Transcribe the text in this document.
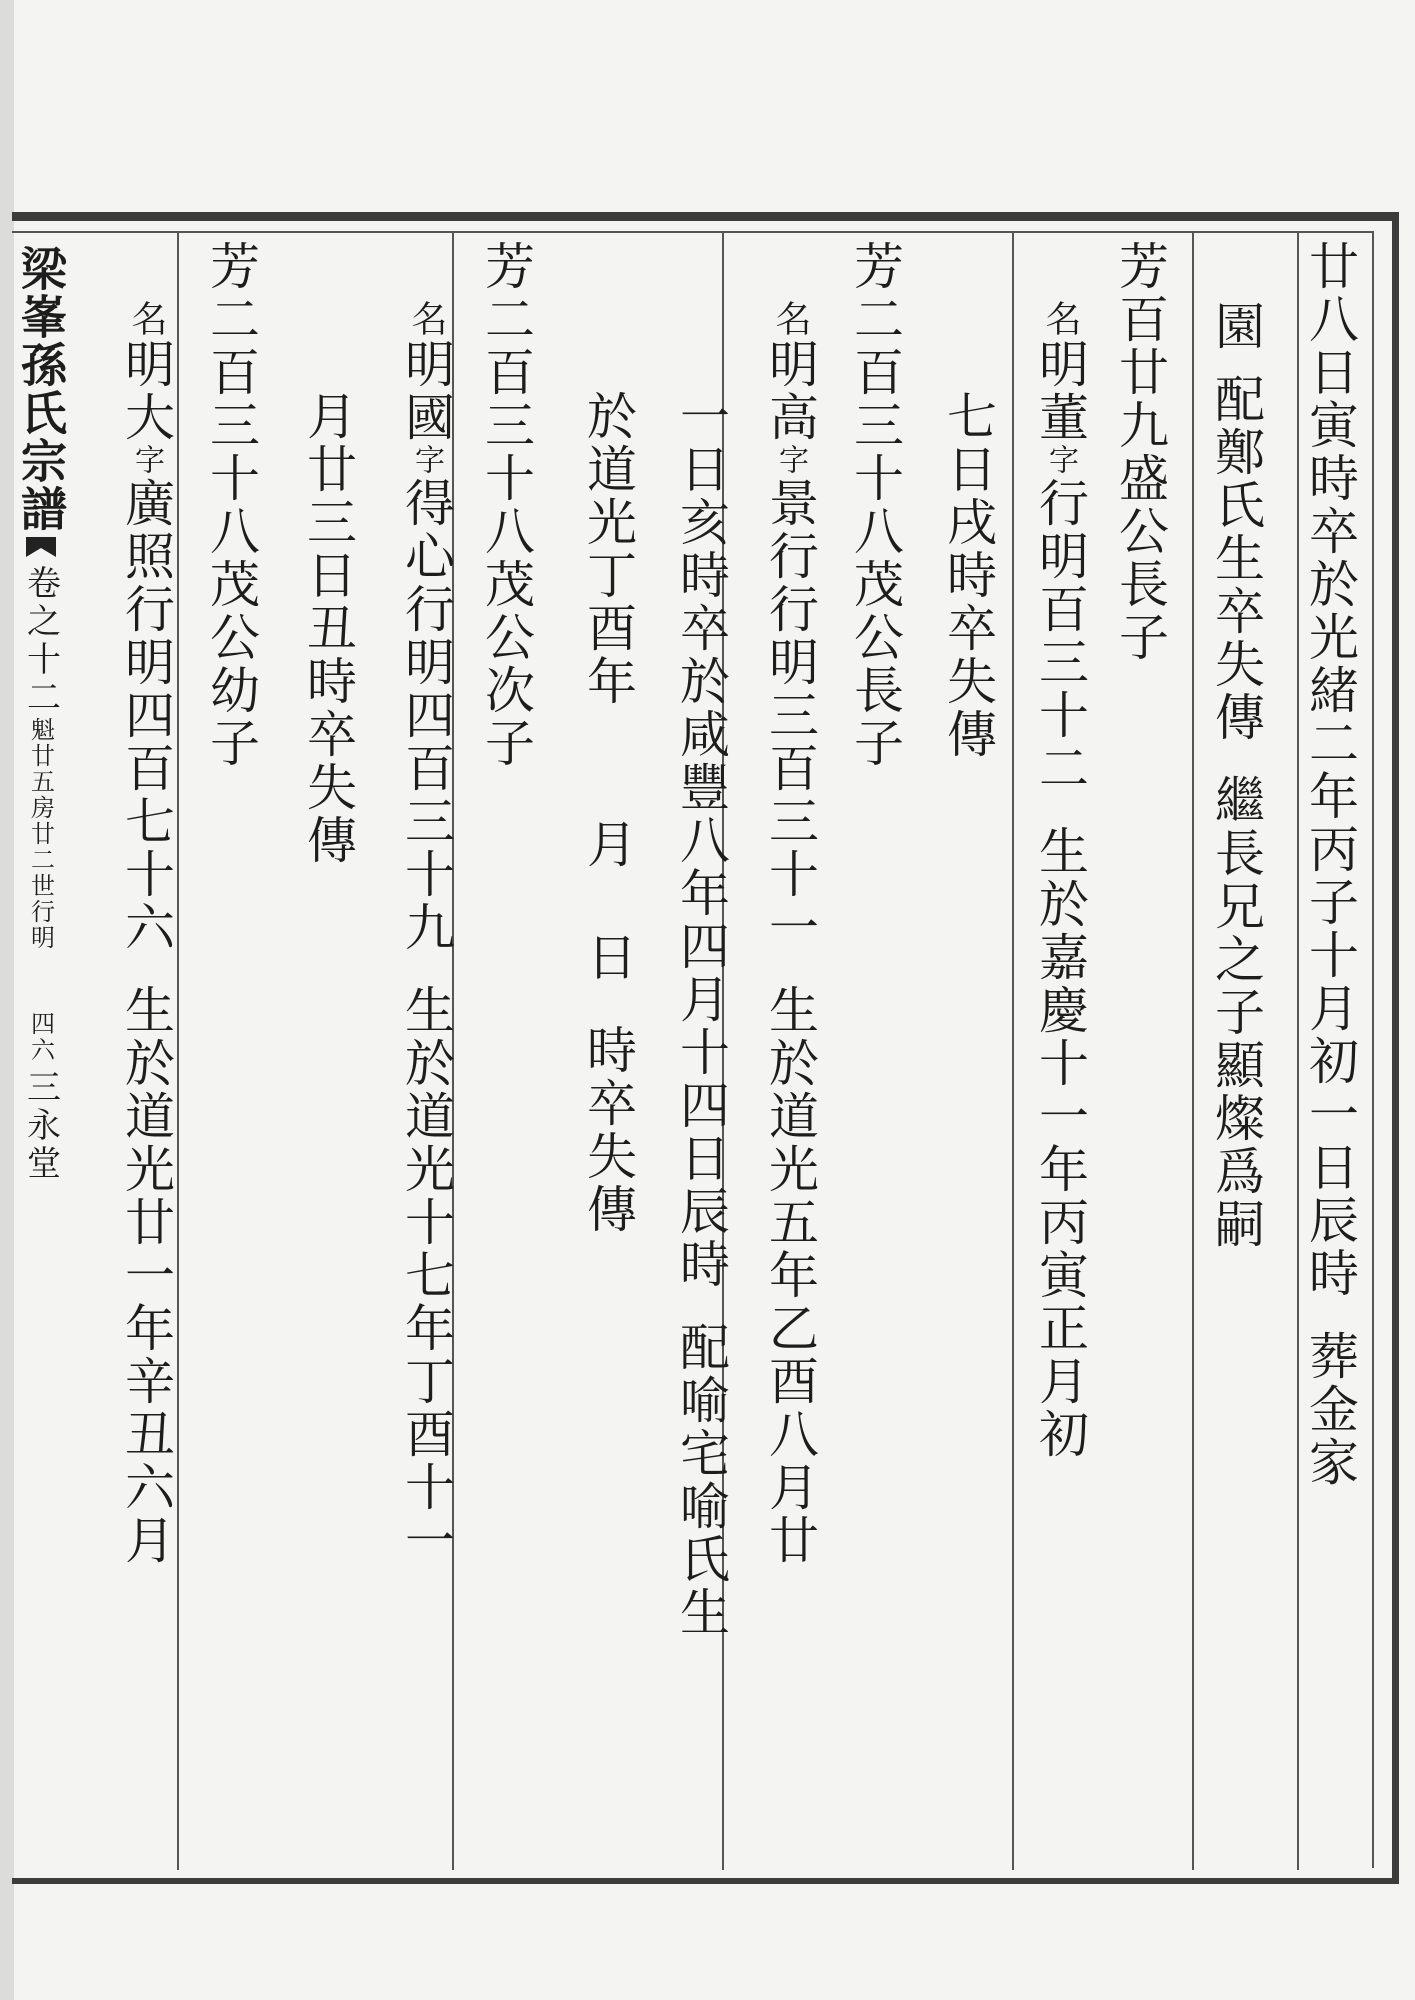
梁峯孫氏宗譜
卷之十二
魁廿五房廿二世行明
四六
三永堂	廿八日寅時卒於光緒二年丙子十月初一日辰時
葬金家
園
配鄭氏生卒失傳
繼長兄之子顯燦爲嗣
芳百廿九盛公長子
名
明董
字
行明百三十二
生於嘉慶十一年丙寅正月初
七日戌時卒失傳
芳二百三十八茂公長子
名
明高
字
景行行明三百三十一
生於道光五年乙酉八月廿
一日亥時卒於咸豐八年四月十四日辰時
配喻宅喻氏生
於道光丁酉年
月
日
時卒失傳
芳二百三十八茂公次子
名
明國
字
得心行明四百三十九
生於道光十七年丁酉十一
月廿三日丑時卒失傳
芳二百三十八茂公幼子
名
明大
字
廣照行明四百七十六
生於道光廿一年辛丑六月
